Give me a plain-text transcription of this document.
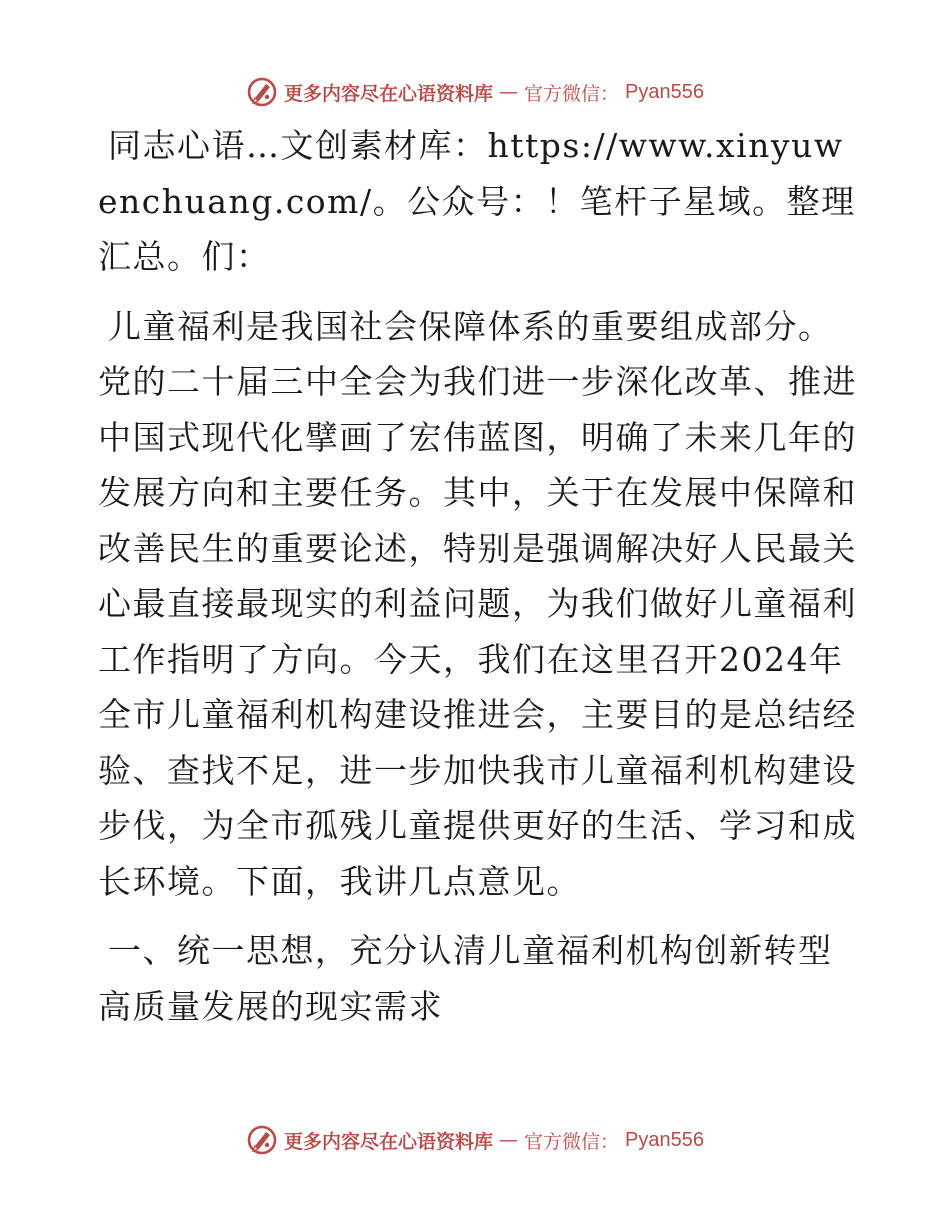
更多内容尽在心语资料库 — 官方微信： Pyan556

同志心语…文创素材库：https://www.xinyuwenchuang.com/。公众号：！笔杆子星域。整理汇总。们：

儿童福利是我国社会保障体系的重要组成部分。党的二十届三中全会为我们进一步深化改革、推进中国式现代化擘画了宏伟蓝图，明确了未来几年的发展方向和主要任务。其中，关于在发展中保障和改善民生的重要论述，特别是强调解决好人民最关心最直接最现实的利益问题，为我们做好儿童福利工作指明了方向。今天，我们在这里召开2024年全市儿童福利机构建设推进会，主要目的是总结经验、查找不足，进一步加快我市儿童福利机构建设步伐，为全市孤残儿童提供更好的生活、学习和成长环境。下面，我讲几点意见。

一、统一思想，充分认清儿童福利机构创新转型高质量发展的现实需求

更多内容尽在心语资料库 — 官方微信： Pyan556
